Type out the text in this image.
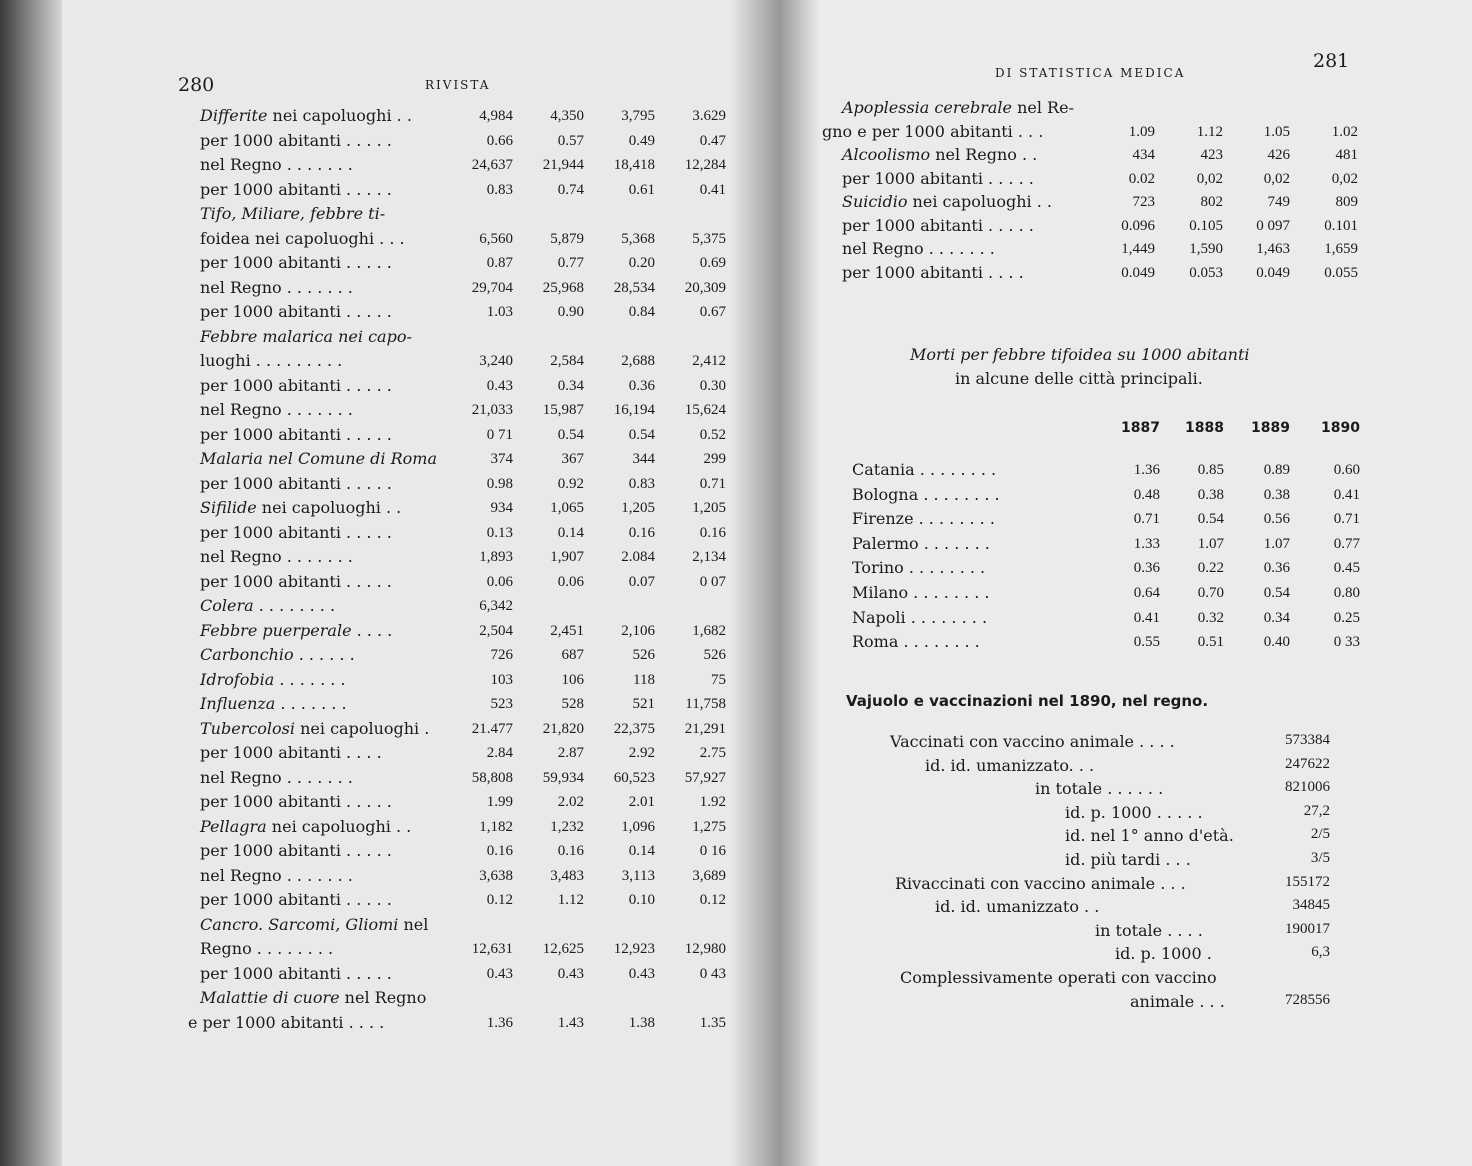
280	RIVISTA
Differite nei capoluoghi . .	4,984	4,350	3,795	3.629
per 1000 abitanti . . . . .	0.66	0.57	0.49	0.47
nel Regno . . . . . . .	24,637	21,944	18,418	12,284
per 1000 abitanti . . . . .	0.83	0.74	0.61	0.41
Tifo, Miliare, febbre ti-
foidea nei capoluoghi . . .	6,560	5,879	5,368	5,375
per 1000 abitanti . . . . .	0.87	0.77	0.20	0.69
nel Regno . . . . . . .	29,704	25,968	28,534	20,309
per 1000 abitanti . . . . .	1.03	0.90	0.84	0.67
Febbre malarica nei capo-
luoghi . . . . . . . . .	3,240	2,584	2,688	2,412
per 1000 abitanti . . . . .	0.43	0.34	0.36	0.30
nel Regno . . . . . . .	21,033	15,987	16,194	15,624
per 1000 abitanti . . . . .	0 71	0.54	0.54	0.52
Malaria nel Comune di Roma	374	367	344	299
per 1000 abitanti . . . . .	0.98	0.92	0.83	0.71
Sifilide nei capoluoghi . .	934	1,065	1,205	1,205
per 1000 abitanti . . . . .	0.13	0.14	0.16	0.16
nel Regno . . . . . . .	1,893	1,907	2.084	2,134
per 1000 abitanti . . . . .	0.06	0.06	0.07	0 07
Colera . . . . . . . .	6,342
Febbre puerperale . . . .	2,504	2,451	2,106	1,682
Carbonchio . . . . . .	726	687	526	526
Idrofobia . . . . . . .	103	106	118	75
Influenza . . . . . . .	523	528	521	11,758
Tubercolosi nei capoluoghi .	21.477	21,820	22,375	21,291
per 1000 abitanti . . . .	2.84	2.87	2.92	2.75
nel Regno . . . . . . .	58,808	59,934	60,523	57,927
per 1000 abitanti . . . . .	1.99	2.02	2.01	1.92
Pellagra nei capoluoghi . .	1,182	1,232	1,096	1,275
per 1000 abitanti . . . . .	0.16	0.16	0.14	0 16
nel Regno . . . . . . .	3,638	3,483	3,113	3,689
per 1000 abitanti . . . . .	0.12	1.12	0.10	0.12
Cancro. Sarcomi, Gliomi nel
Regno . . . . . . . .	12,631	12,625	12,923	12,980
per 1000 abitanti . . . . .	0.43	0.43	0.43	0 43
Malattie di cuore nel Regno
e per 1000 abitanti . . . .	1.36	1.43	1.38	1.35
DI STATISTICA MEDICA
281
Apoplessia cerebrale nel Re-
gno e per 1000 abitanti . . .	1.09	1.12	1.05	1.02
Alcoolismo nel Regno . .	434	423	426	481
per 1000 abitanti . . . . .	0.02	0,02	0,02	0,02
Suicidio nei capoluoghi . .	723	802	749	809
per 1000 abitanti . . . . .	0.096	0.105	0 097	0.101
nel Regno . . . . . . .	1,449	1,590	1,463	1,659
per 1000 abitanti . . . .	0.049	0.053	0.049	0.055
Morti per febbre tifoidea su 1000 abitanti
in alcune delle città principali.
1887	1888	1889	1890
Catania . . . . . . . .	1.36	0.85	0.89	0.60
Bologna . . . . . . . .	0.48	0.38	0.38	0.41
Firenze . . . . . . . .	0.71	0.54	0.56	0.71
Palermo . . . . . . .	1.33	1.07	1.07	0.77
Torino . . . . . . . .	0.36	0.22	0.36	0.45
Milano . . . . . . . .	0.64	0.70	0.54	0.80
Napoli . . . . . . . .	0.41	0.32	0.34	0.25
Roma . . . . . . . .	0.55	0.51	0.40	0 33
Vajuolo e vaccinazioni nel 1890, nel regno.
Vaccinati con vaccino animale . . . .	573384
id. id. umanizzato. . .	247622
in totale . . . . . .	821006
id. p. 1000 . . . . .	27,2
id. nel 1° anno d'età.	2/5
id. più tardi . . .	3/5
Rivaccinati con vaccino animale . . .	155172
id. id. umanizzato . .	34845
in totale . . . .	190017
id. p. 1000 .	6,3
Complessivamente operati con vaccino
animale . . .	728556
